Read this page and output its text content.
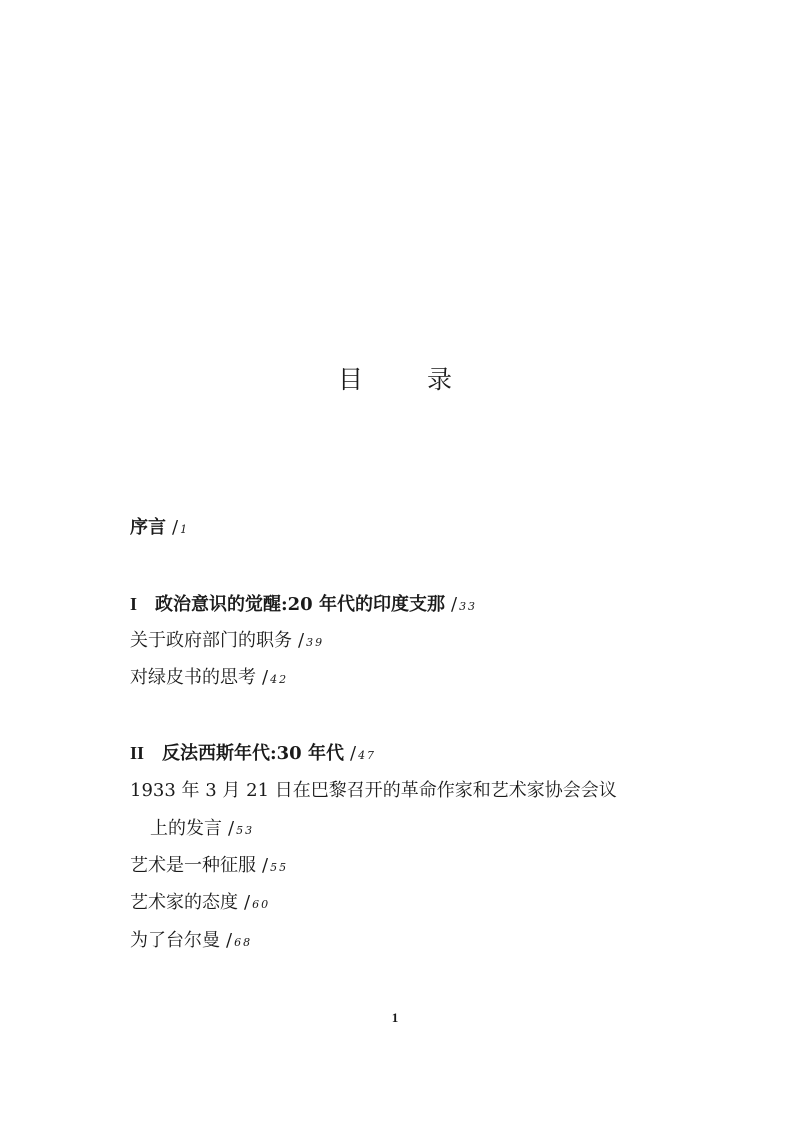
目 录
序言 / 1
I 政治意识的觉醒:20 年代的印度支那 / 33
关于政府部门的职务 / 39
对绿皮书的思考 / 42
II 反法西斯年代:30 年代 / 47
1933 年 3 月 21 日在巴黎召开的革命作家和艺术家协会会议
上的发言 / 53
艺术是一种征服 / 55
艺术家的态度 / 60
为了台尔曼 / 68
1
